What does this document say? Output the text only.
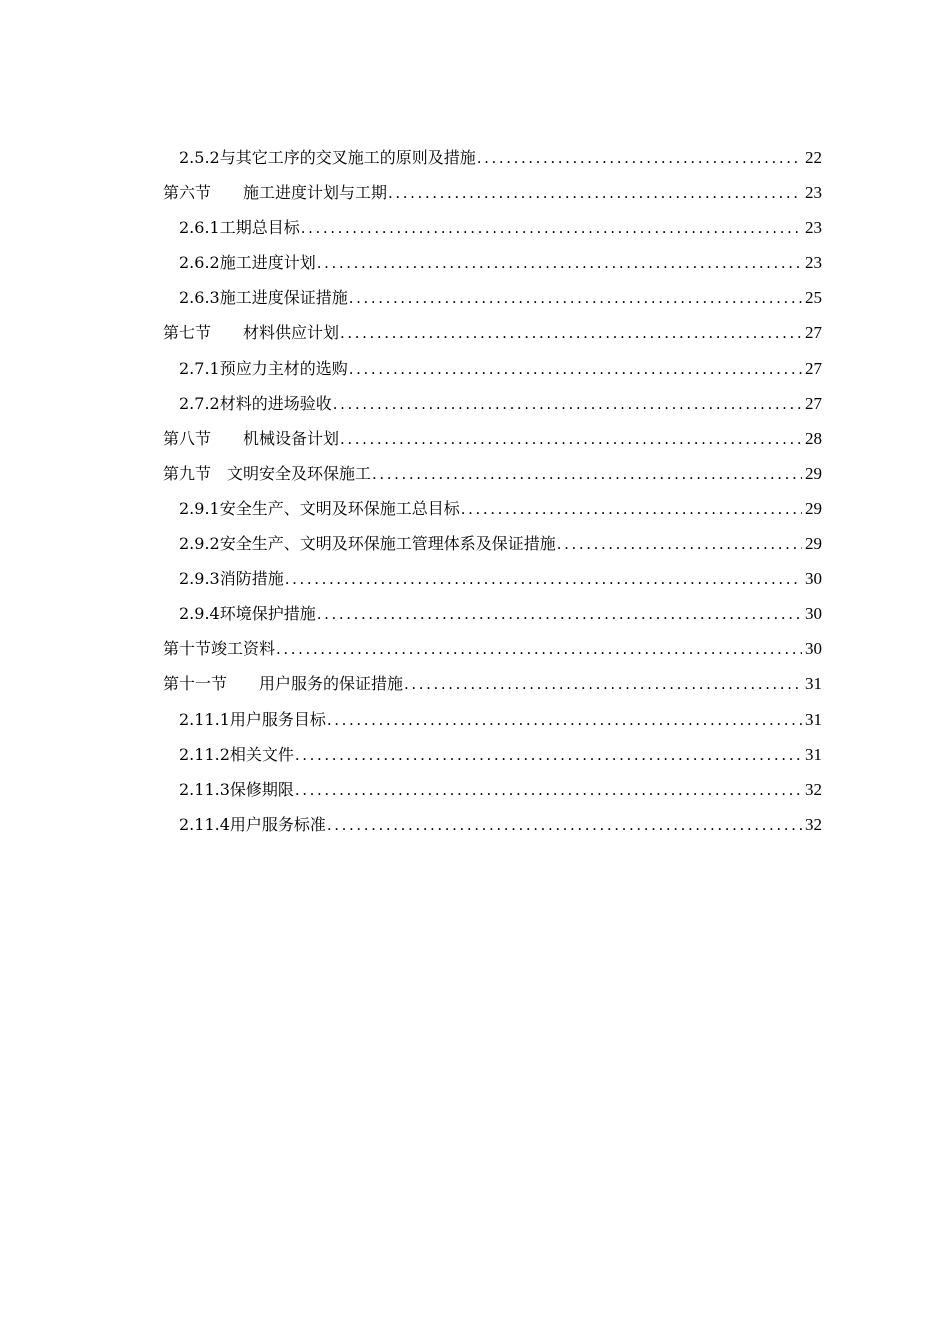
2.5.2 与其它工序的交叉施工的原则及措施 .....	22
第六节　　 施工进度计划与工期 .....	23
2.6.1 工期总目标 .....	23
2.6.2 施工进度计划 .....	23
2.6.3 施工进度保证措施 .....	25
第七节　　 材料供应计划 .....	27
2.7.1 预应力主材的选购 .....	27
2.7.2 材料的进场验收 .....	27
第八节　　 机械设备计划 .....	28
第九节　 文明安全及环保施工 .....	29
2.9.1 安全生产、文明及环保施工总目标 .....	29
2.9.2 安全生产、文明及环保施工管理体系及保证措施 .....	29
2.9.3 消防措施 .....	30
2.9.4 环境保护措施 .....	30
第十节 竣工资料 .....	30
第十一节　　 用户服务的保证措施 .....	31
2.11.1 用户服务目标 .....	31
2.11.2 相关文件 .....	31
2.11.3 保修期限 .....	32
2.11.4 用户服务标准 .....	32
